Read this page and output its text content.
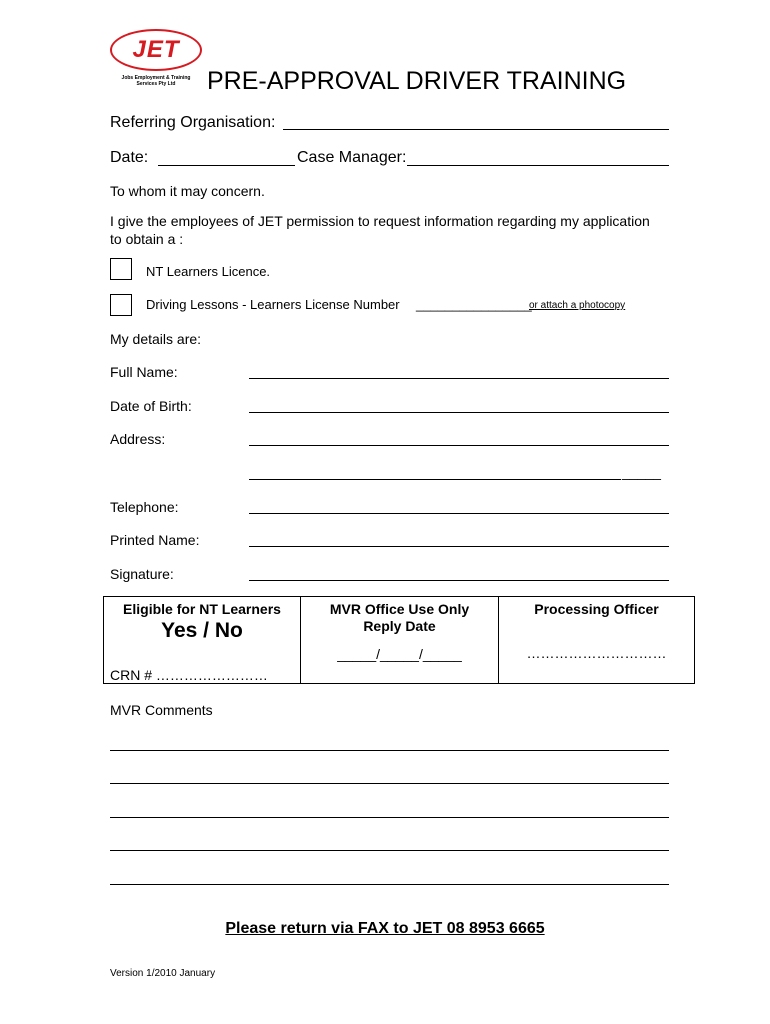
JET
Jobs Employment & Training Services Pty Ltd	PRE-APPROVAL DRIVER TRAINING
Referring Organisation:
Date:	Case Manager:
To whom it may concern.
I give the employees of JET permission to request information regarding my application
to obtain a :
NT Learners Licence.
Driving Lessons - Learners License Number ________________
or attach a photocopy
My details are:
Full Name:
Date of Birth:
Address:
_____
Telephone:
Printed Name:
Signature:
Eligible for NT Learners
Yes / No
CRN # ……………………

MVR Office Use Only
Reply Date
_____/_____/_____

Processing Officer
…………………………
MVR Comments
Please return via FAX to JET 08 8953 6665
Version 1/2010 January
